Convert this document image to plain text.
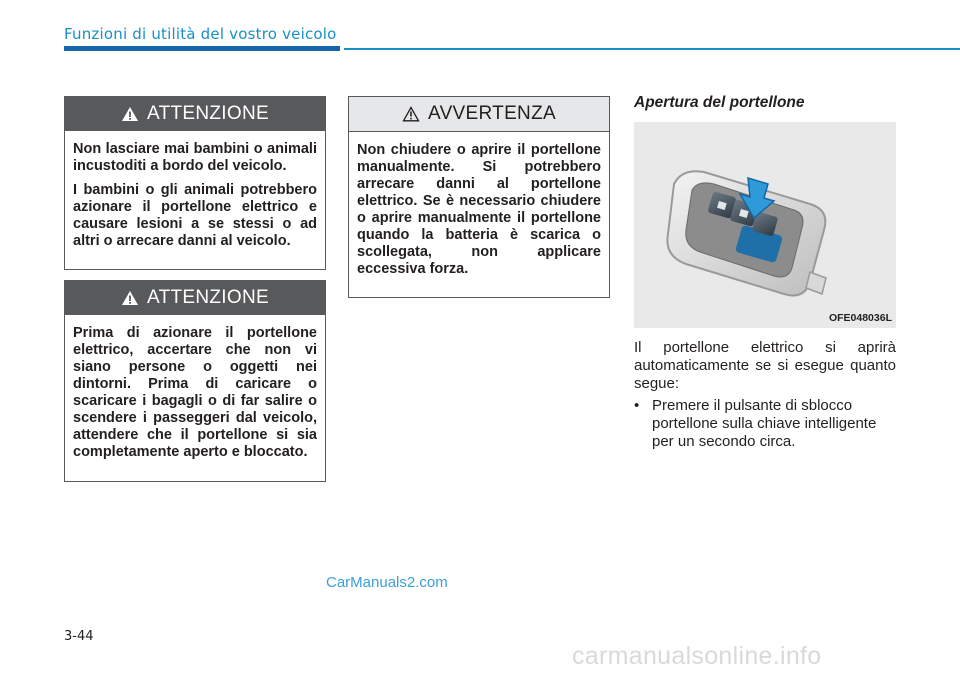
Funzioni di utilità del vostro veicolo
ATTENZIONE

Non lasciare mai bambini o animali incustoditi a bordo del veicolo.

I bambini o gli animali potrebbero azionare il portellone elettrico e causare lesioni a se stessi o ad altri o arrecare danni al veicolo.

ATTENZIONE

Prima di azionare il portellone elettrico, accertare che non vi siano persone o oggetti nei dintorni. Prima di caricare o scaricare i bagagli o di far salire o scendere i passeggeri dal veicolo, attendere che il portellone si sia completamente aperto e bloccato.

AVVERTENZA

Non chiudere o aprire il portellone manualmente. Si potrebbero arrecare danni al portellone elettrico. Se è necessario chiudere o aprire manualmente il portellone quando la batteria è scarica o scollegata, non applicare eccessiva forza.

Apertura del portellone
OFE048036L

Il portellone elettrico si aprirà automaticamente se si esegue quanto segue:

• Premere il pulsante di sblocco portellone sulla chiave intelligente per un secondo circa.
CarManuals2.com
3-44
carmanualsonline.info
